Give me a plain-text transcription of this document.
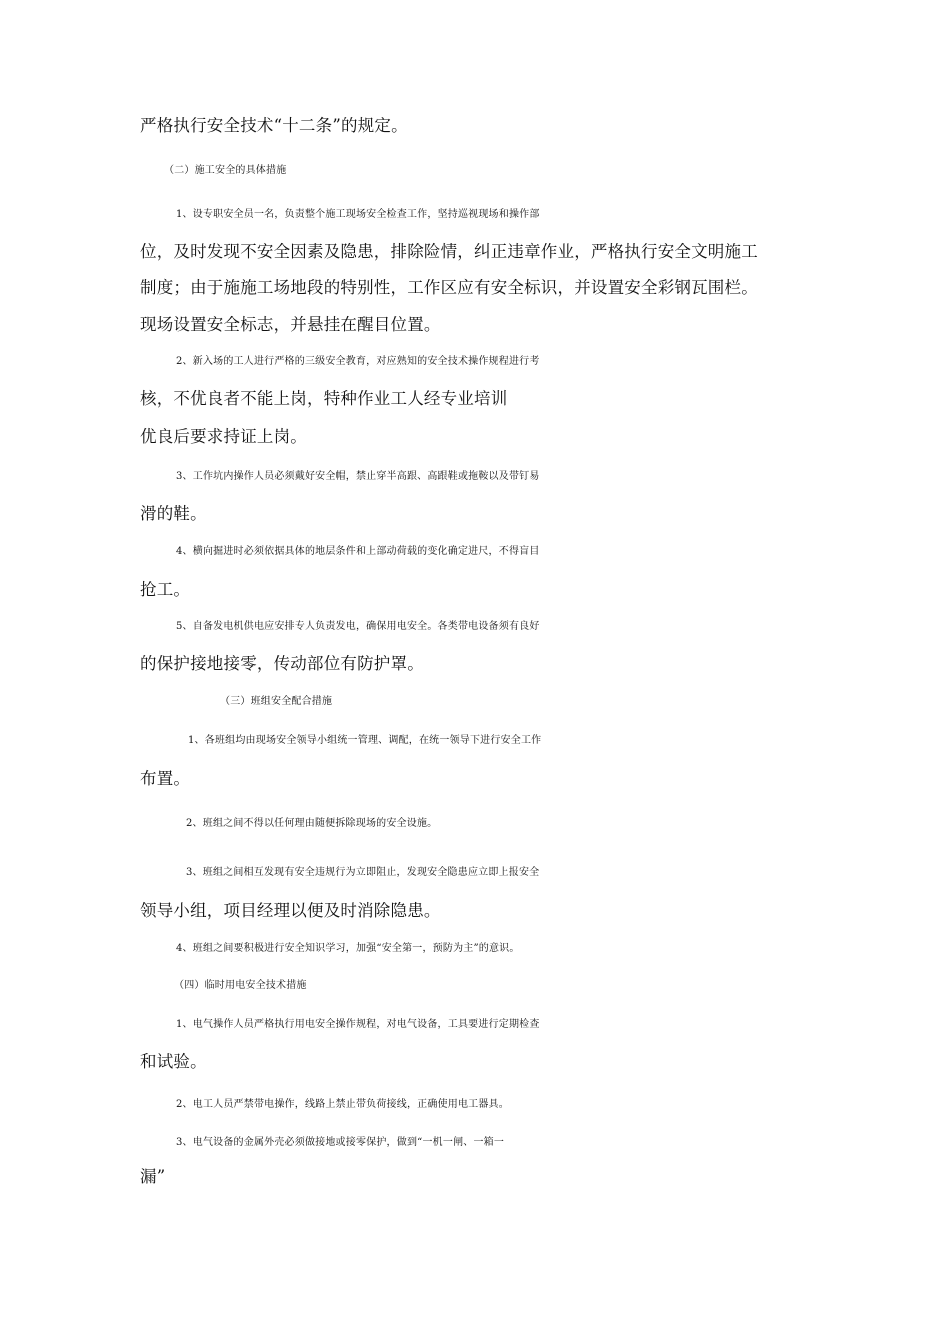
严格执行安全技术“十二条”的规定。
（二）施工安全的具体措施
1、设专职安全员一名，负责整个施工现场安全检查工作，坚持巡视现场和操作部
位，及时发现不安全因素及隐患，排除险情，纠正违章作业，严格执行安全文明施工
制度；由于施施工场地段的特别性，工作区应有安全标识，并设置安全彩钢瓦围栏。
现场设置安全标志，并悬挂在醒目位置。
2、新入场的工人进行严格的三级安全教育，对应熟知的安全技术操作规程进行考
核，不优良者不能上岗，特种作业工人经专业培训
优良后要求持证上岗。
3、工作坑内操作人员必须戴好安全帽，禁止穿半高跟、高跟鞋或拖鞍以及带钉易
滑的鞋。
4、横向掘进时必须依据具体的地层条件和上部动荷载的变化确定进尺，不得盲目
抢工。
5、自备发电机供电应安排专人负责发电，确保用电安全。各类带电设备须有良好
的保护接地接零，传动部位有防护罩。
（三）班组安全配合措施
1、各班组均由现场安全领导小组统一管理、调配，在统一领导下进行安全工作
布置。
2、班组之间不得以任何理由随便拆除现场的安全设施。
3、班组之间相互发现有安全违规行为立即阻止，发现安全隐患应立即上报安全
领导小组，项目经理以便及时消除隐患。
4、班组之间要积极进行安全知识学习，加强“安全第一，预防为主”的意识。
（四）临时用电安全技术措施
1、电气操作人员严格执行用电安全操作规程，对电气设备，工具要进行定期检查
和试验。
2、电工人员严禁带电操作，线路上禁止带负荷接线，正确使用电工器具。
3、电气设备的金属外壳必须做接地或接零保护，做到“一机一闸、一箱一
漏”
